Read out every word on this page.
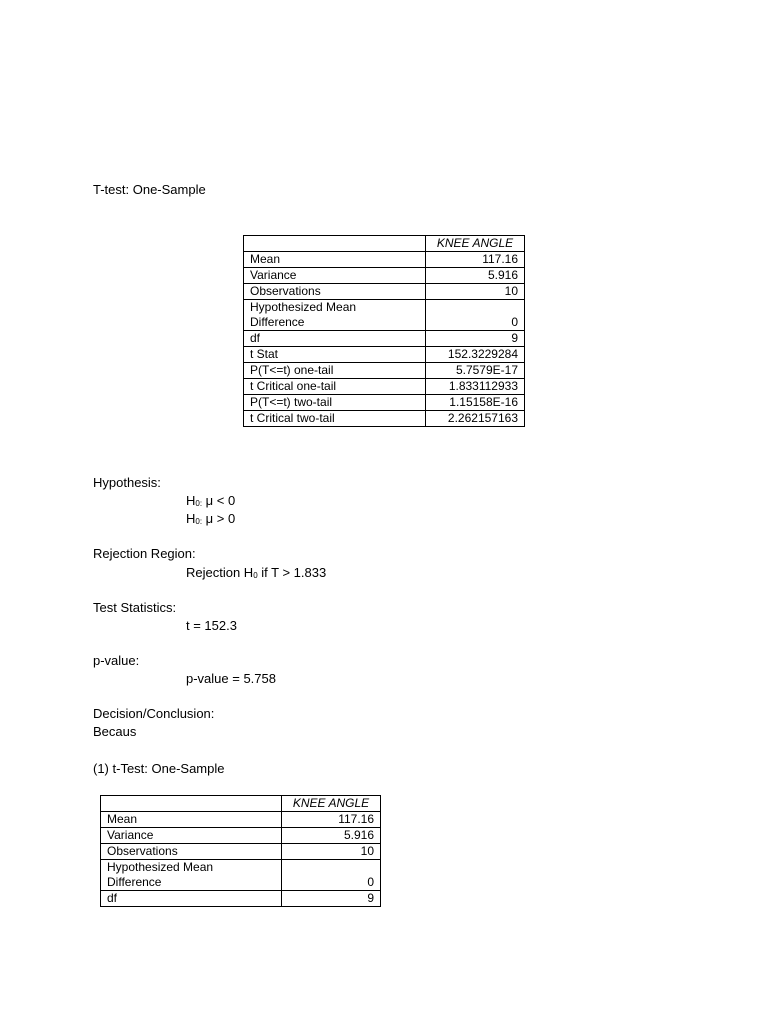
T-test: One-Sample
	KNEE ANGLE
Mean	117.16
Variance	5.916
Observations	10

Hypothesized Mean
Difference	0
df	9
t Stat	152.3229284
P(T<=t) one-tail	5.7579E-17
t Critical one-tail	1.833112933
P(T<=t) two-tail	1.15158E-16
t Critical two-tail	2.262157163
Hypothesis:
H0: μ < 0
H0: μ > 0
Rejection Region:
Rejection H0 if T > 1.833
Test Statistics:
t = 152.3
p-value:
p-value = 5.758
Decision/Conclusion:
Becaus
(1) t-Test: One-Sample
	KNEE ANGLE
Mean	117.16
Variance	5.916
Observations	10

Hypothesized Mean
Difference	0
df	9
